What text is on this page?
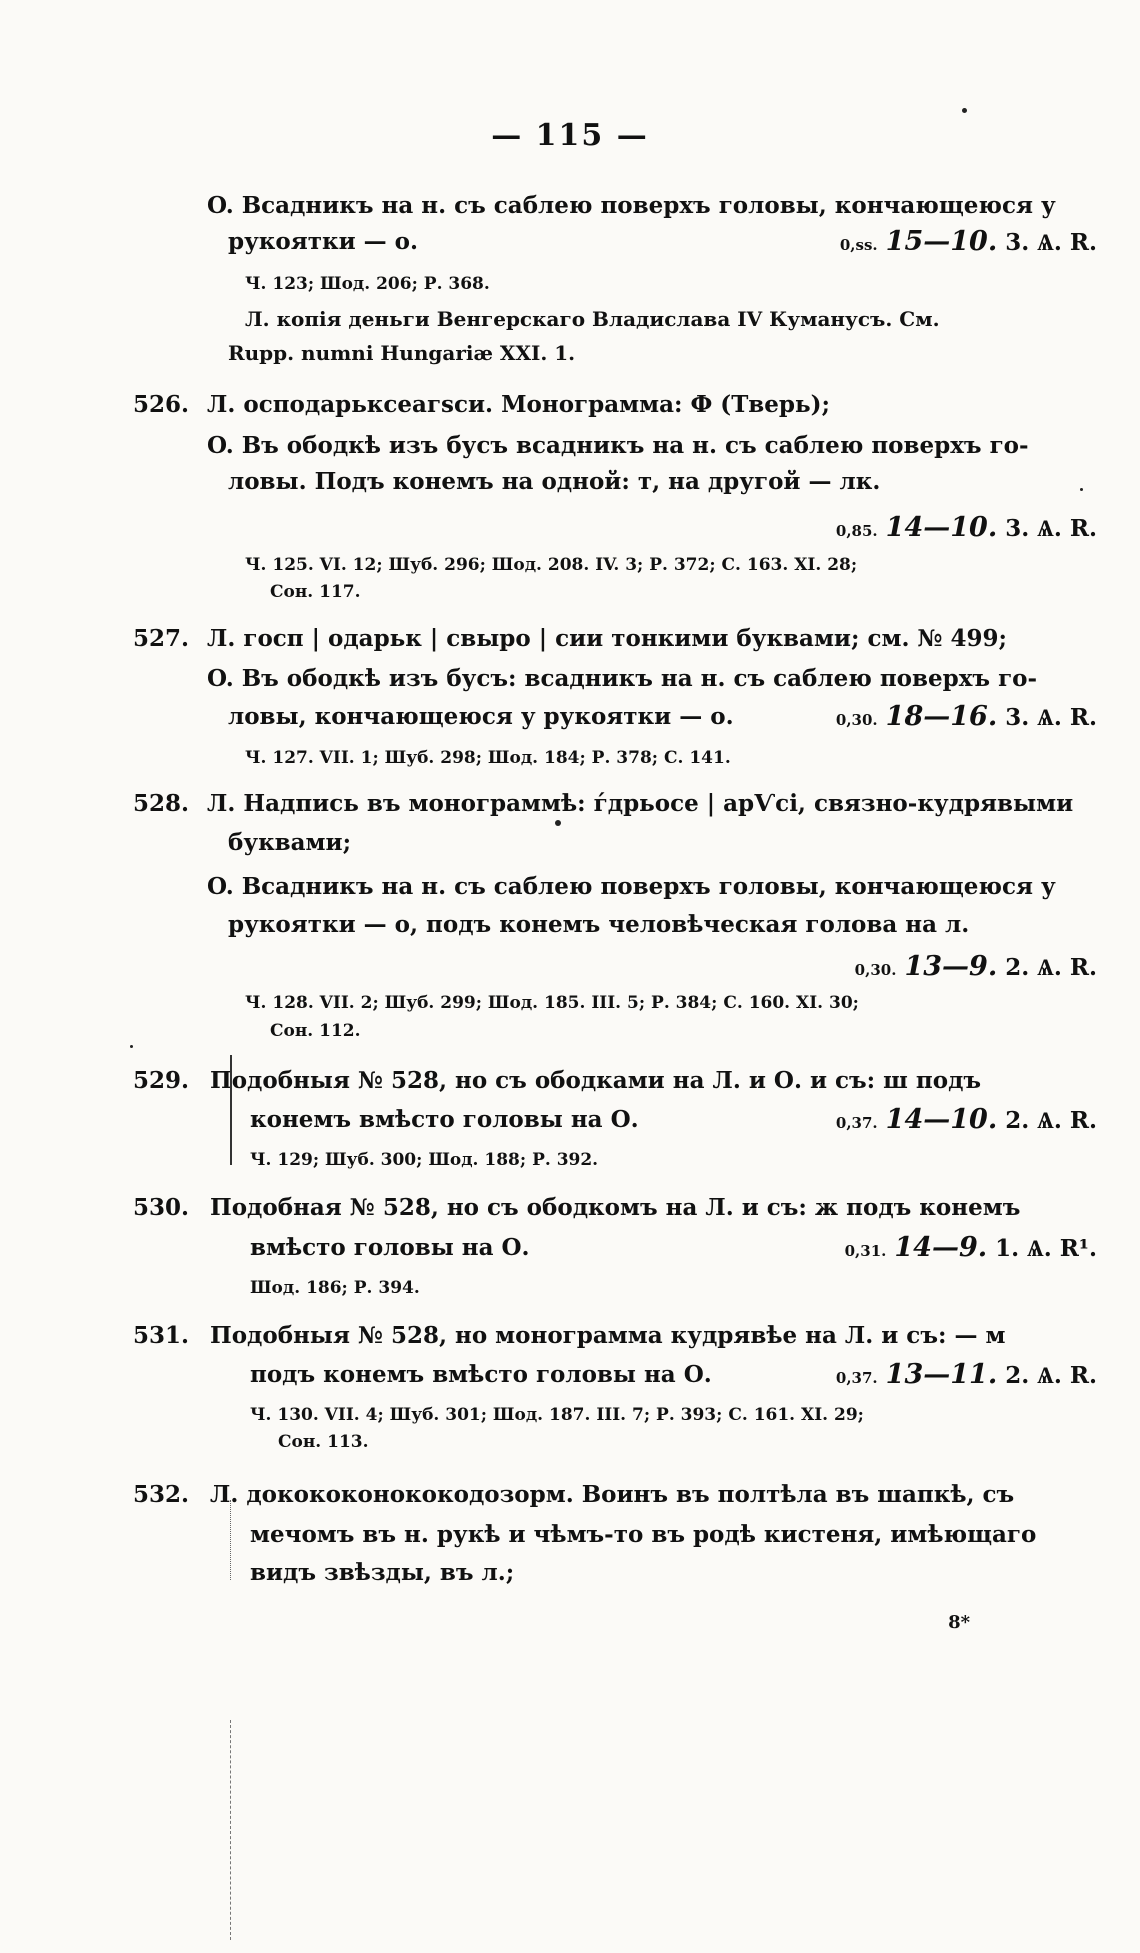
— 115 —
O. Всадникъ на н. съ саблею поверхъ головы, кончающеюся у
рукоятки — о.	0,ss. 15—10. 3. Ѧ. R.
Ч. 123; Шод. 206; Р. 368.
Л. копія деньги Венгерскаго Владислава IV Куманусъ. См.
Rupp. numni Hungariæ XXI. 1.
526. Л. осподарьксеагѕси. Монограмма: Ф (Тверь);
O. Въ ободкѣ изъ бусъ всадникъ на н. съ саблею поверхъ го-
ловы. Подъ конемъ на одной: т, на другой — лк.
0,85. 14—10. 3. Ѧ. R.
Ч. 125. VI. 12; Шуб. 296; Шод. 208. IV. 3; Р. 372; С. 163. XI. 28;
Сон. 117.
527. Л. госп | одарьк | свыро | сии тонкими буквами; см. № 499;
O. Въ ободкѣ изъ бусъ: всадникъ на н. съ саблею поверхъ го-
ловы, кончающеюся у рукоятки — о.	0,30. 18—16. 3. Ѧ. R.
Ч. 127. VII. 1; Шуб. 298; Шод. 184; Р. 378; С. 141.
528. Л. Надпись въ монограммѣ: ѓдрьосе | арѴсі, связно-кудрявыми
буквами;
O. Всадникъ на н. съ саблею поверхъ головы, кончающеюся у
рукоятки — о, подъ конемъ человѣческая голова на л.
0,30. 13—9. 2. Ѧ. R.
Ч. 128. VII. 2; Шуб. 299; Шод. 185. III. 5; Р. 384; С. 160. XI. 30;
Сон. 112.
529. Подобныя № 528, но съ ободками на Л. и О. и съ: ш подъ
конемъ вмѣсто головы на О.	0,37. 14—10. 2. Ѧ. R.
Ч. 129; Шуб. 300; Шод. 188; Р. 392.
530. Подобная № 528, но съ ободкомъ на Л. и съ: ж подъ конемъ
вмѣсто головы на О.	0,31. 14—9. 1. Ѧ. R¹.
Шод. 186; Р. 394.
531. Подобныя № 528, но монограмма кудрявѣе на Л. и съ: — м
подъ конемъ вмѣсто головы на О.	0,37. 13—11. 2. Ѧ. R.
Ч. 130. VII. 4; Шуб. 301; Шод. 187. III. 7; Р. 393; С. 161. XI. 29;
Сон. 113.
532. Л. докококонококодозорм. Воинъ въ полтѣла въ шапкѣ, съ
мечомъ въ н. рукѣ и чѣмъ-то въ родѣ кистеня, имѣющаго
видъ звѣзды, въ л.;
8*
